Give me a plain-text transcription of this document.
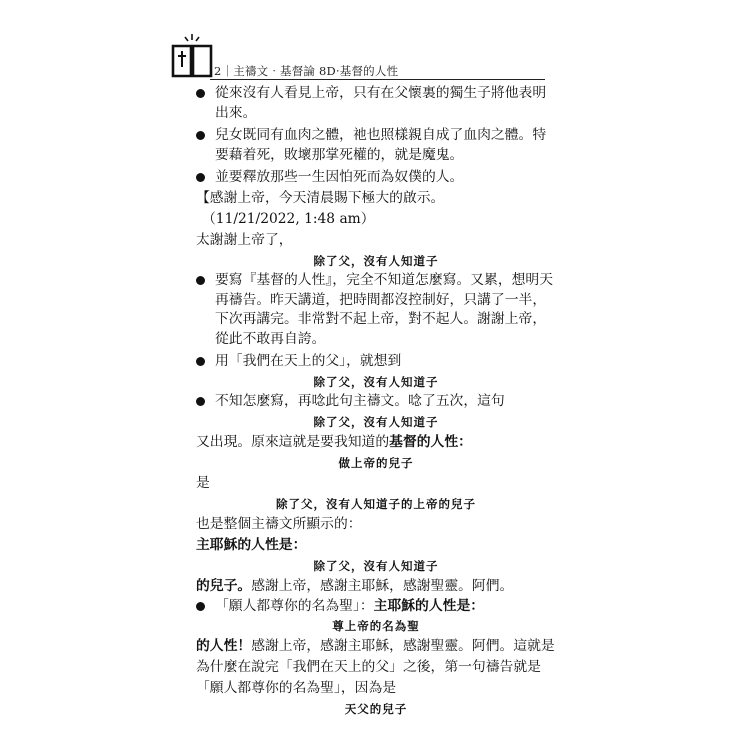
2｜主禱文‧基督論 8D‧基督的人性
從來沒有人看見上帝，只有在父懷裏的獨生子將他表明出來。
兒女既同有血肉之體，祂也照樣親自成了血肉之體。特要藉着死，敗壞那掌死權的，就是魔鬼。
並要釋放那些一生因怕死而為奴僕的人。
【感謝上帝，今天清晨賜下極大的啟示。
（11/21/2022, 1:48 am）
太謝謝上帝了，
除了父，沒有人知道子
要寫『基督的人性』，完全不知道怎麼寫。又累，想明天再禱告。昨天講道，把時間都沒控制好，只講了一半，下次再講完。非常對不起上帝，對不起人。謝謝上帝，從此不敢再自誇。
用「我們在天上的父」，就想到
除了父，沒有人知道子
不知怎麼寫，再唸此句主禱文。唸了五次，這句
除了父，沒有人知道子
又出現。原來這就是要我知道的基督的人性：
做上帝的兒子
是
除了父，沒有人知道子的上帝的兒子
也是整個主禱文所顯示的：
主耶穌的人性是：
除了父，沒有人知道子
的兒子。感謝上帝，感謝主耶穌，感謝聖靈。阿們。
「願人都尊你的名為聖」：主耶穌的人性是：
尊上帝的名為聖
的人性！感謝上帝，感謝主耶穌，感謝聖靈。阿們。這就是
為什麼在說完「我們在天上的父」之後，第一句禱告就是
「願人都尊你的名為聖」，因為是
天父的兒子
